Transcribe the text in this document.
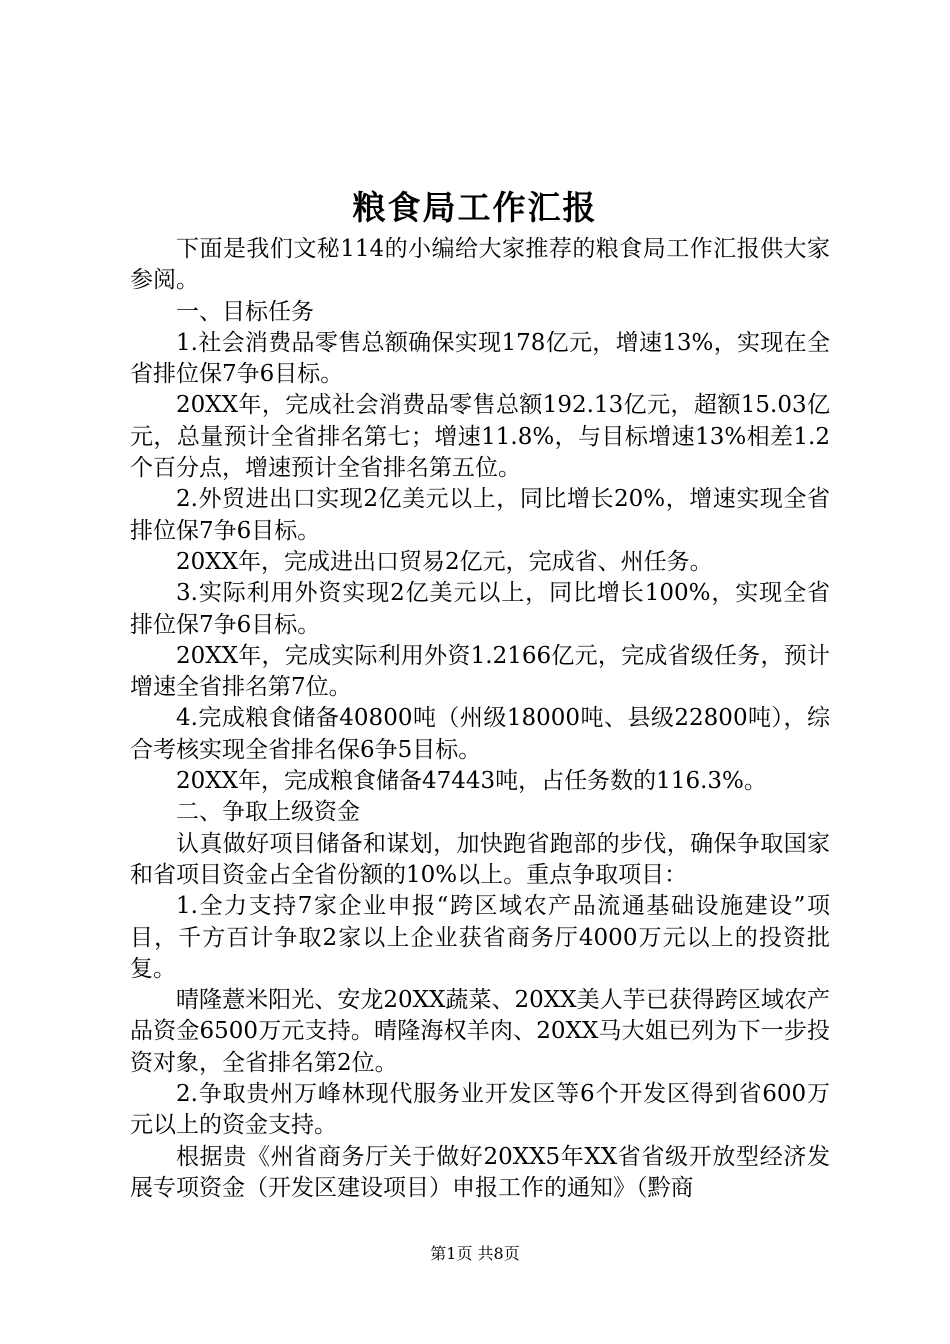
粮食局工作汇报

下面是我们文秘114的小编给大家推荐的粮食局工作汇报供大家参阅。

一、目标任务

1.社会消费品零售总额确保实现178亿元，增速13%，实现在全省排位保7争6目标。

20XX年，完成社会消费品零售总额192.13亿元，超额15.03亿元，总量预计全省排名第七；增速11.8%，与目标增速13%相差1.2个百分点，增速预计全省排名第五位。

2.外贸进出口实现2亿美元以上，同比增长20%，增速实现全省排位保7争6目标。

20XX年，完成进出口贸易2亿元，完成省、州任务。

3.实际利用外资实现2亿美元以上，同比增长100%，实现全省排位保7争6目标。

20XX年，完成实际利用外资1.2166亿元，完成省级任务，预计增速全省排名第7位。

4.完成粮食储备40800吨（州级18000吨、县级22800吨），综合考核实现全省排名保6争5目标。

20XX年，完成粮食储备47443吨，占任务数的116.3%。

二、争取上级资金

认真做好项目储备和谋划，加快跑省跑部的步伐，确保争取国家和省项目资金占全省份额的10%以上。重点争取项目：

1.全力支持7家企业申报“跨区域农产品流通基础设施建设”项目，千方百计争取2家以上企业获省商务厅4000万元以上的投资批复。

晴隆薏米阳光、安龙20XX蔬菜、20XX美人芋已获得跨区域农产品资金6500万元支持。晴隆海权羊肉、20XX马大姐已列为下一步投资对象，全省排名第2位。

2.争取贵州万峰林现代服务业开发区等6个开发区得到省600万元以上的资金支持。

根据贵《州省商务厅关于做好20XX5年XX省省级开放型经济发展专项资金（开发区建设项目）申报工作的通知》（黔商

第1页 共8页
